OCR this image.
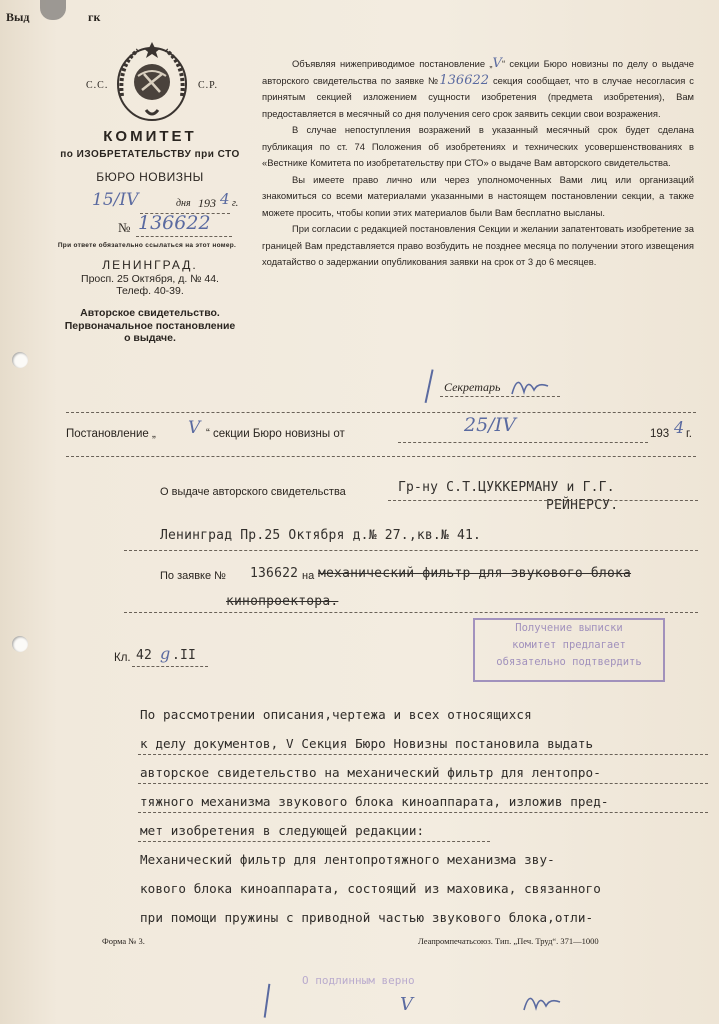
Выд	гк
С.С.	С.Р.
КОМИТЕТ
по ИЗОБРЕТАТЕЛЬСТВУ при СТО
БЮРО НОВИЗНЫ
15/IV	дня 193 4 г.
№ 136622
При ответе обязательно ссылаться на этот номер.
ЛЕНИНГРАД.
Просп. 25 Октября, д. № 44.
Телеф. 40-39.
Авторское свидетельство.
Первоначальное постановление
о выдаче.

Объявляя нижеприводимое постановление „V“ секции Бюро новизны по делу о выдаче авторского свидетельства по заявке №136622 секция сообщает, что в случае несогласия с принятым секцией изложением сущности изобретения (предмета изобретения), Вам предоставляется в месячный со дня получения сего срок заявить секции свои возражения.

В случае непоступления возражений в указанный месячный срок будет сделана публикация по ст. 74 Положения об изобретениях и технических усовершенствованиях в «Вестнике Комитета по изобретательству при СТО» о выдаче Вам авторского свидетельства.

Вы имеете право лично или через уполномоченных Вами лиц или организаций знакомиться со всеми материалами указанными в настоящем постановлении секции, а также можете просить, чтобы копии этих материалов были Вам бесплатно высланы.

При согласии с редакцией постановления Секции и желании запатентовать изобретение за границей Вам представляется право возбудить не позднее месяца по получении этого извещения ходатайство о задержании опубликования заявки на срок от 3 до 6 месяцев.

Секретарь
Постановление „ V “ секции Бюро новизны от	25/IV	193 4 г.
О выдаче авторского свидетельства	Гр-ну С.Т.ЦУККЕРМАНУ и Г.Г.
РЕЙНЕРСУ.
Ленинград Пр.25 Октября д.№ 27.,кв.№ 41.
По заявке № 136622 на механический фильтр для звукового блока
кинопроектора.
Получение выписки
комитет предлагает
обязательно подтвердить
Кл. 42 g .II
По рассмотрении описания,чертежа и всех относящихся
к делу документов, V Секция Бюро Новизны постановила выдать
авторское свидетельство на механический фильтр для лентопро-
тяжного механизма звукового блока киноаппарата, изложив пред-
мет изобретения в следующей редакции:
Механический фильтр для лентопротяжного механизма зву-
кового блока киноаппарата, состоящий из маховика, связанного
при помощи пружины с приводной частью звукового блока,отли-
Форма № 3.	Леапромпечатьсоюз. Тип. „Печ. Труд“. 371—1000
О подлинным верно
V
